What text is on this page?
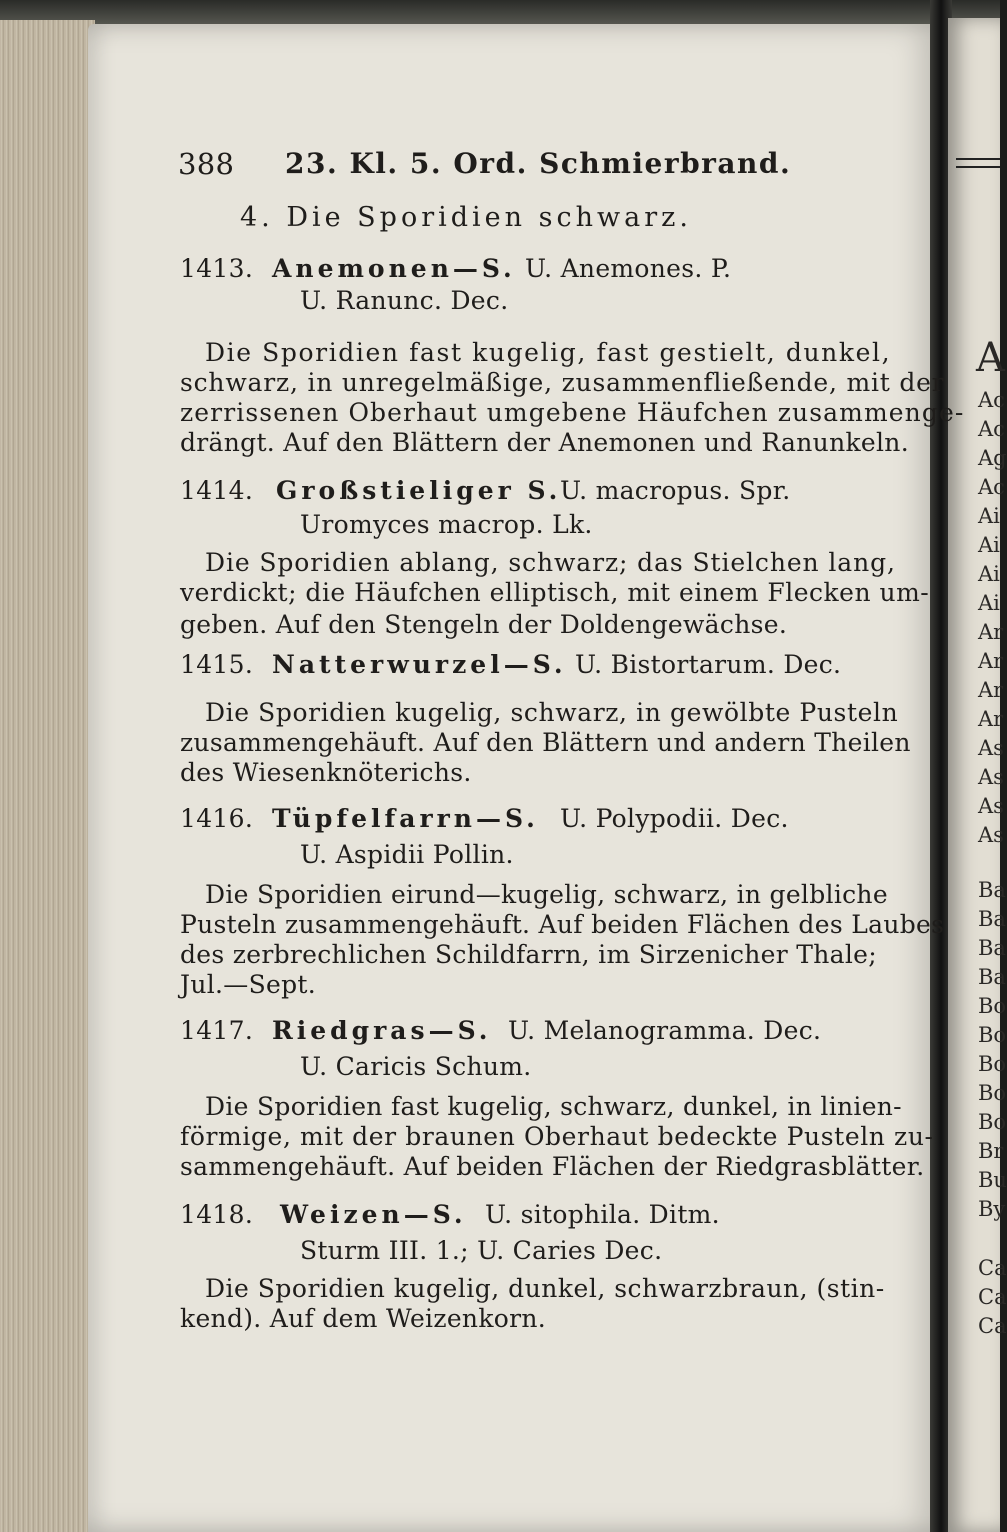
A
Ac
Ac
Ag
Ac
Ai
Ai
Ai
Ai
Ar
Ar
Ar
Ar
As
As
As
As
Ba
Ba
Ba
Ba
Bo
Bo
Bo
Bo
Bo
Br
Bu
By
Ca
Ca
Ca
388 23. Kl. 5. Ord. Schmierbrand.
4. Die Sporidien schwarz.
1413. Anemonen—S. U. Anemones. P.
U. Ranunc. Dec.
Die Sporidien fast kugelig, fast gestielt, dunkel,
schwarz, in unregelmäßige, zusammenfließende, mit der
zerrissenen Oberhaut umgebene Häufchen zusammenge-
drängt. Auf den Blättern der Anemonen und Ranunkeln.
1414. Großstieliger S.
U. macropus. Spr.
Uromyces macrop. Lk.
Die Sporidien ablang, schwarz; das Stielchen lang,
verdickt; die Häufchen elliptisch, mit einem Flecken um-
geben. Auf den Stengeln der Doldengewächse.
1415. Natterwurzel—S. U. Bistortarum. Dec.
Die Sporidien kugelig, schwarz, in gewölbte Pusteln
zusammengehäuft. Auf den Blättern und andern Theilen
des Wiesenknöterichs.
1416. Tüpfelfarrn—S. U. Polypodii. Dec.
U. Aspidii Pollin.
Die Sporidien eirund—kugelig, schwarz, in gelbliche
Pusteln zusammengehäuft. Auf beiden Flächen des Laubes
des zerbrechlichen Schildfarrn, im Sirzenicher Thale;
Jul.—Sept.
1417. Riedgras—S. U. Melanogramma. Dec.
U. Caricis Schum.
Die Sporidien fast kugelig, schwarz, dunkel, in linien-
förmige, mit der braunen Oberhaut bedeckte Pusteln zu-
sammengehäuft. Auf beiden Flächen der Riedgrasblätter.
1418. Weizen—S. U. sitophila. Ditm.
Sturm III. 1.; U. Caries Dec.
Die Sporidien kugelig, dunkel, schwarzbraun, (stin-
kend). Auf dem Weizenkorn.
